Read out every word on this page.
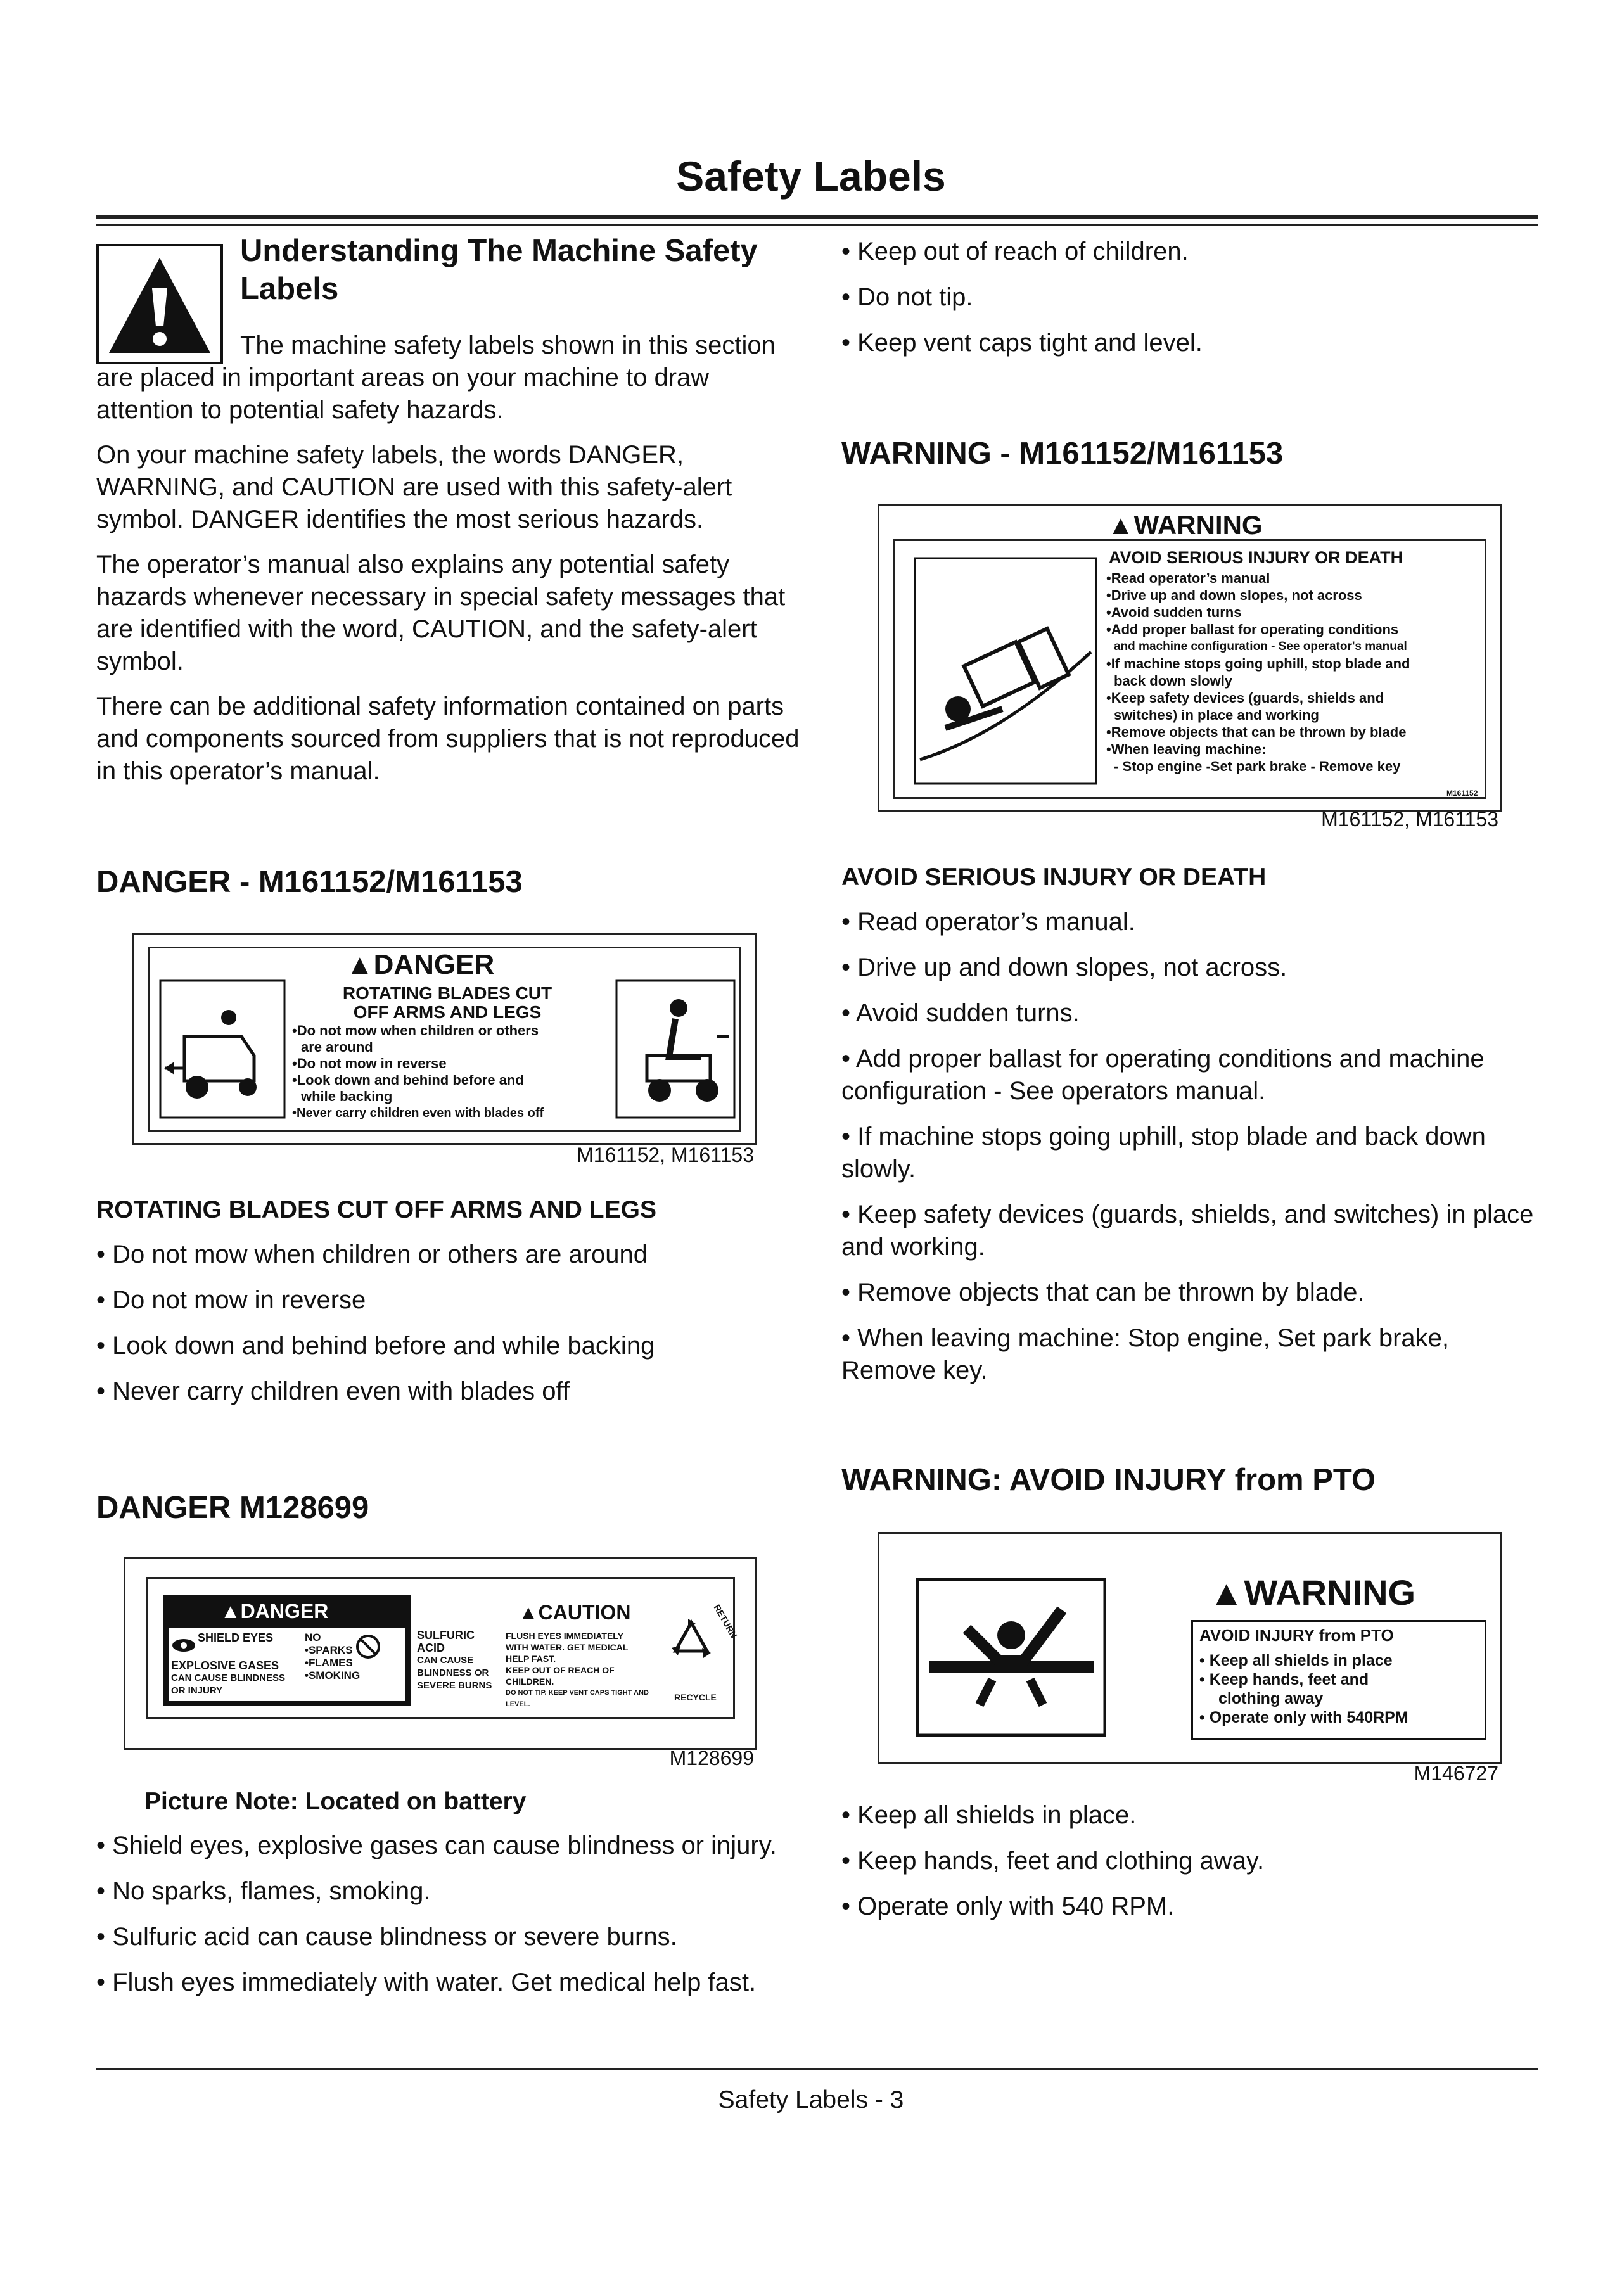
Safety Labels
Understanding The Machine Safety Labels

The machine safety labels shown in this section are placed in important areas on your machine to draw attention to potential safety hazards.

On your machine safety labels, the words DANGER, WARNING, and CAUTION are used with this safety-alert symbol. DANGER identifies the most serious hazards.

The operator’s manual also explains any potential safety hazards whenever necessary in special safety messages that are identified with the word, CAUTION, and the safety-alert symbol.

There can be additional safety information contained on parts and components sourced from suppliers that is not reproduced in this operator’s manual.

DANGER - M161152/M161153
▲DANGER
ROTATING BLADES CUT
OFF ARMS AND LEGS
•Do not mow when children or others
are around
•Do not mow in reverse
•Look down and behind before and
while backing
•Never carry children even with blades off
M161152, M161153
ROTATING BLADES CUT OFF ARMS AND LEGS

• Do not mow when children or others are around

• Do not mow in reverse

• Look down and behind before and while backing

• Never carry children even with blades off

DANGER M128699
▲DANGER
SHIELD EYES
EXPLOSIVE GASES
CAN CAUSE BLINDNESS
OR INJURY
NO
•SPARKS
•FLAMES
•SMOKING
SULFURIC
ACID
CAN CAUSE
BLINDNESS OR
SEVERE BURNS
▲CAUTION
FLUSH EYES IMMEDIATELY
WITH WATER. GET MEDICAL
HELP FAST.
KEEP OUT OF REACH OF CHILDREN.
DO NOT TIP. KEEP VENT CAPS TIGHT AND LEVEL.
RETURN
RECYCLE
M128699
Picture Note: Located on battery

• Shield eyes, explosive gases can cause blindness or injury.

• No sparks, flames, smoking.

• Sulfuric acid can cause blindness or severe burns.

• Flush eyes immediately with water. Get medical help fast.

• Keep out of reach of children.

• Do not tip.

• Keep vent caps tight and level.

WARNING - M161152/M161153
▲WARNING
AVOID SERIOUS INJURY OR DEATH
•Read operator’s manual
•Drive up and down slopes, not across
•Avoid sudden turns
•Add proper ballast for operating conditions
and machine configuration - See operator's manual
•If machine stops going uphill, stop blade and
back down slowly
•Keep safety devices (guards, shields and
switches) in place and working
•Remove objects that can be thrown by blade
•When leaving machine:
- Stop engine -Set park brake - Remove key
M161152
M161152, M161153
AVOID SERIOUS INJURY OR DEATH

• Read operator’s manual.

• Drive up and down slopes, not across.

• Avoid sudden turns.

• Add proper ballast for operating conditions and machine configuration - See operators manual.

• If machine stops going uphill, stop blade and back down slowly.

• Keep safety devices (guards, shields, and switches) in place and working.

• Remove objects that can be thrown by blade.

• When leaving machine: Stop engine, Set park brake, Remove key.

WARNING: AVOID INJURY from PTO
▲WARNING
AVOID INJURY from PTO
• Keep all shields in place
• Keep hands, feet and
clothing away
• Operate only with 540RPM
M146727

• Keep all shields in place.

• Keep hands, feet and clothing away.

• Operate only with 540 RPM.

Safety Labels - 3
